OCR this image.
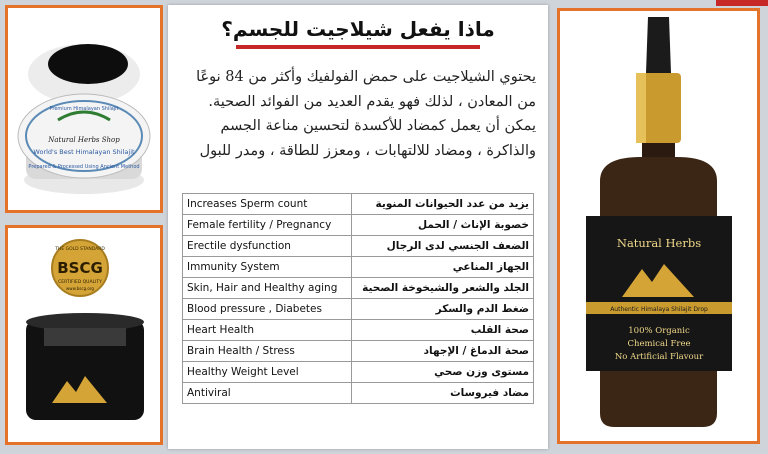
World's Best Himalayan Shilajit
Natural Herbs Shop
Premium Himalayan Shilajit
Prepared & Processed Using Ancient Method
THE GOLD STANDARD
BSCG
CERTIFIED QUALITY
www.bscg.org
ماذا يفعل شيلاجيت للجسم؟
يحتوي الشيلاجيت على حمض الفولفيك وأكثر من 84 نوعًا من المعادن ، لذلك فهو يقدم العديد من الفوائد الصحية. يمكن أن يعمل كمضاد للأكسدة لتحسين مناعة الجسم والذاكرة ، ومضاد للالتهابات ، ومعزز للطاقة ، ومدر للبول
Increases Sperm count	يزيد من عدد الحيوانات المنوية
Female fertility / Pregnancy	خصوبة الإناث / الحمل
Erectile dysfunction	الضعف الجنسي لدى الرجال
Immunity System	الجهاز المناعي
Skin, Hair and Healthy aging	الجلد والشعر والشيخوخة الصحية
Blood pressure , Diabetes	ضغط الدم والسكر
Heart Health	صحة القلب
Brain Health / Stress	صحة الدماغ / الإجهاد
Healthy Weight Level	مستوى وزن صحي
Antiviral	مضاد فيروسات
Natural Herbs
Authentic Himalaya Shilajit Drop
100% Organic
Chemical Free
No Artificial Flavour
